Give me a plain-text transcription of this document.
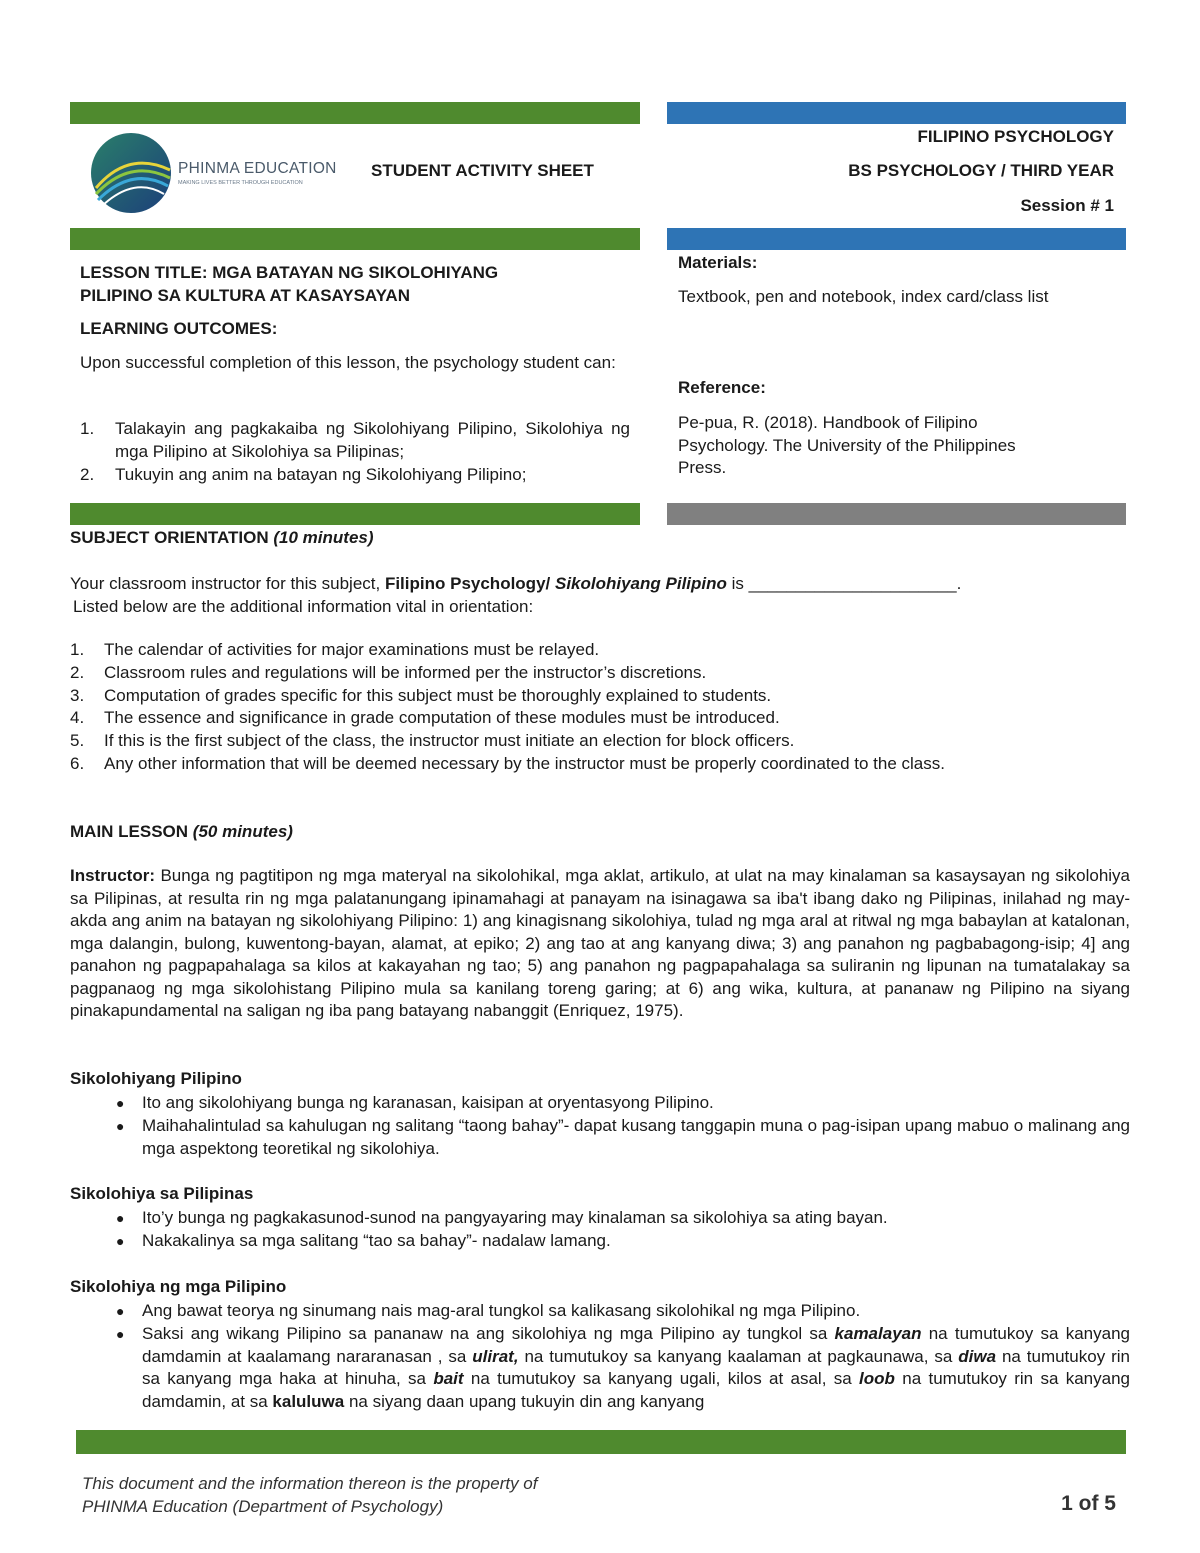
PHINMA EDUCATION
MAKING LIVES BETTER THROUGH EDUCATION
STUDENT ACTIVITY SHEET
FILIPINO PSYCHOLOGY
BS PSYCHOLOGY / THIRD YEAR
Session # 1
LESSON TITLE: MGA BATAYAN NG SIKOLOHIYANG
PILIPINO SA KULTURA AT KASAYSAYAN
LEARNING OUTCOMES:
Upon successful completion of this lesson, the psychology student can:
1. Talakayin ang pagkakaiba ng Sikolohiyang Pilipino, Sikolohiya ng mga Pilipino at Sikolohiya sa Pilipinas;
2. Tukuyin ang anim na batayan ng Sikolohiyang Pilipino;
Materials:
Textbook, pen and notebook, index card/class list
Reference:
Pe-pua, R. (2018). Handbook of Filipino
Psychology. The University of the Philippines
Press.
SUBJECT ORIENTATION (10 minutes)
Your classroom instructor for this subject, Filipino Psychology/ Sikolohiyang Pilipino is ______________________.
Listed below are the additional information vital in orientation:
1. The calendar of activities for major examinations must be relayed.
2. Classroom rules and regulations will be informed per the instructor’s discretions.
3. Computation of grades specific for this subject must be thoroughly explained to students.
4. The essence and significance in grade computation of these modules must be introduced.
5. If this is the first subject of the class, the instructor must initiate an election for block officers.
6. Any other information that will be deemed necessary by the instructor must be properly coordinated to the class.
MAIN LESSON (50 minutes)
Instructor: Bunga ng pagtitipon ng mga materyal na sikolohikal, mga aklat, artikulo, at ulat na may kinalaman sa kasaysayan ng sikolohiya sa Pilipinas, at resulta rin ng mga palatanungang ipinamahagi at panayam na isinagawa sa iba't ibang dako ng Pilipinas, inilahad ng may-akda ang anim na batayan ng sikolohiyang Pilipino: 1) ang kinagisnang sikolohiya, tulad ng mga aral at ritwal ng mga babaylan at katalonan, mga dalangin, bulong, kuwentong-bayan, alamat, at epiko; 2) ang tao at ang kanyang diwa; 3) ang panahon ng pagbabagong-isip; 4] ang panahon ng pagpapahalaga sa kilos at kakayahan ng tao; 5) ang panahon ng pagpapahalaga sa suliranin ng lipunan na tumatalakay sa pagpanaog ng mga sikolohistang Pilipino mula sa kanilang toreng garing; at 6) ang wika, kultura, at pananaw ng Pilipino na siyang pinakapundamental na saligan ng iba pang batayang nabanggit (Enriquez, 1975).
Sikolohiyang Pilipino
● Ito ang sikolohiyang bunga ng karanasan, kaisipan at oryentasyong Pilipino.
● Maihahalintulad sa kahulugan ng salitang “taong bahay”- dapat kusang tanggapin muna o pag-isipan upang mabuo o malinang ang mga aspektong teoretikal ng sikolohiya.
Sikolohiya sa Pilipinas
● Ito’y bunga ng pagkakasunod-sunod na pangyayaring may kinalaman sa sikolohiya sa ating bayan.
● Nakakalinya sa mga salitang “tao sa bahay”- nadalaw lamang.
Sikolohiya ng mga Pilipino
● Ang bawat teorya ng sinumang nais mag-aral tungkol sa kalikasang sikolohikal ng mga Pilipino.
● Saksi ang wikang Pilipino sa pananaw na ang sikolohiya ng mga Pilipino ay tungkol sa kamalayan na tumutukoy sa kanyang damdamin at kaalamang nararanasan , sa ulirat, na tumutukoy sa kanyang kaalaman at pagkaunawa, sa diwa na tumutukoy rin sa kanyang mga haka at hinuha, sa bait na tumutukoy sa kanyang ugali, kilos at asal, sa loob na tumutukoy rin sa kanyang damdamin, at sa kaluluwa na siyang daan upang tukuyin din ang kanyang
This document and the information thereon is the property of
PHINMA Education (Department of Psychology)	1 of 5
